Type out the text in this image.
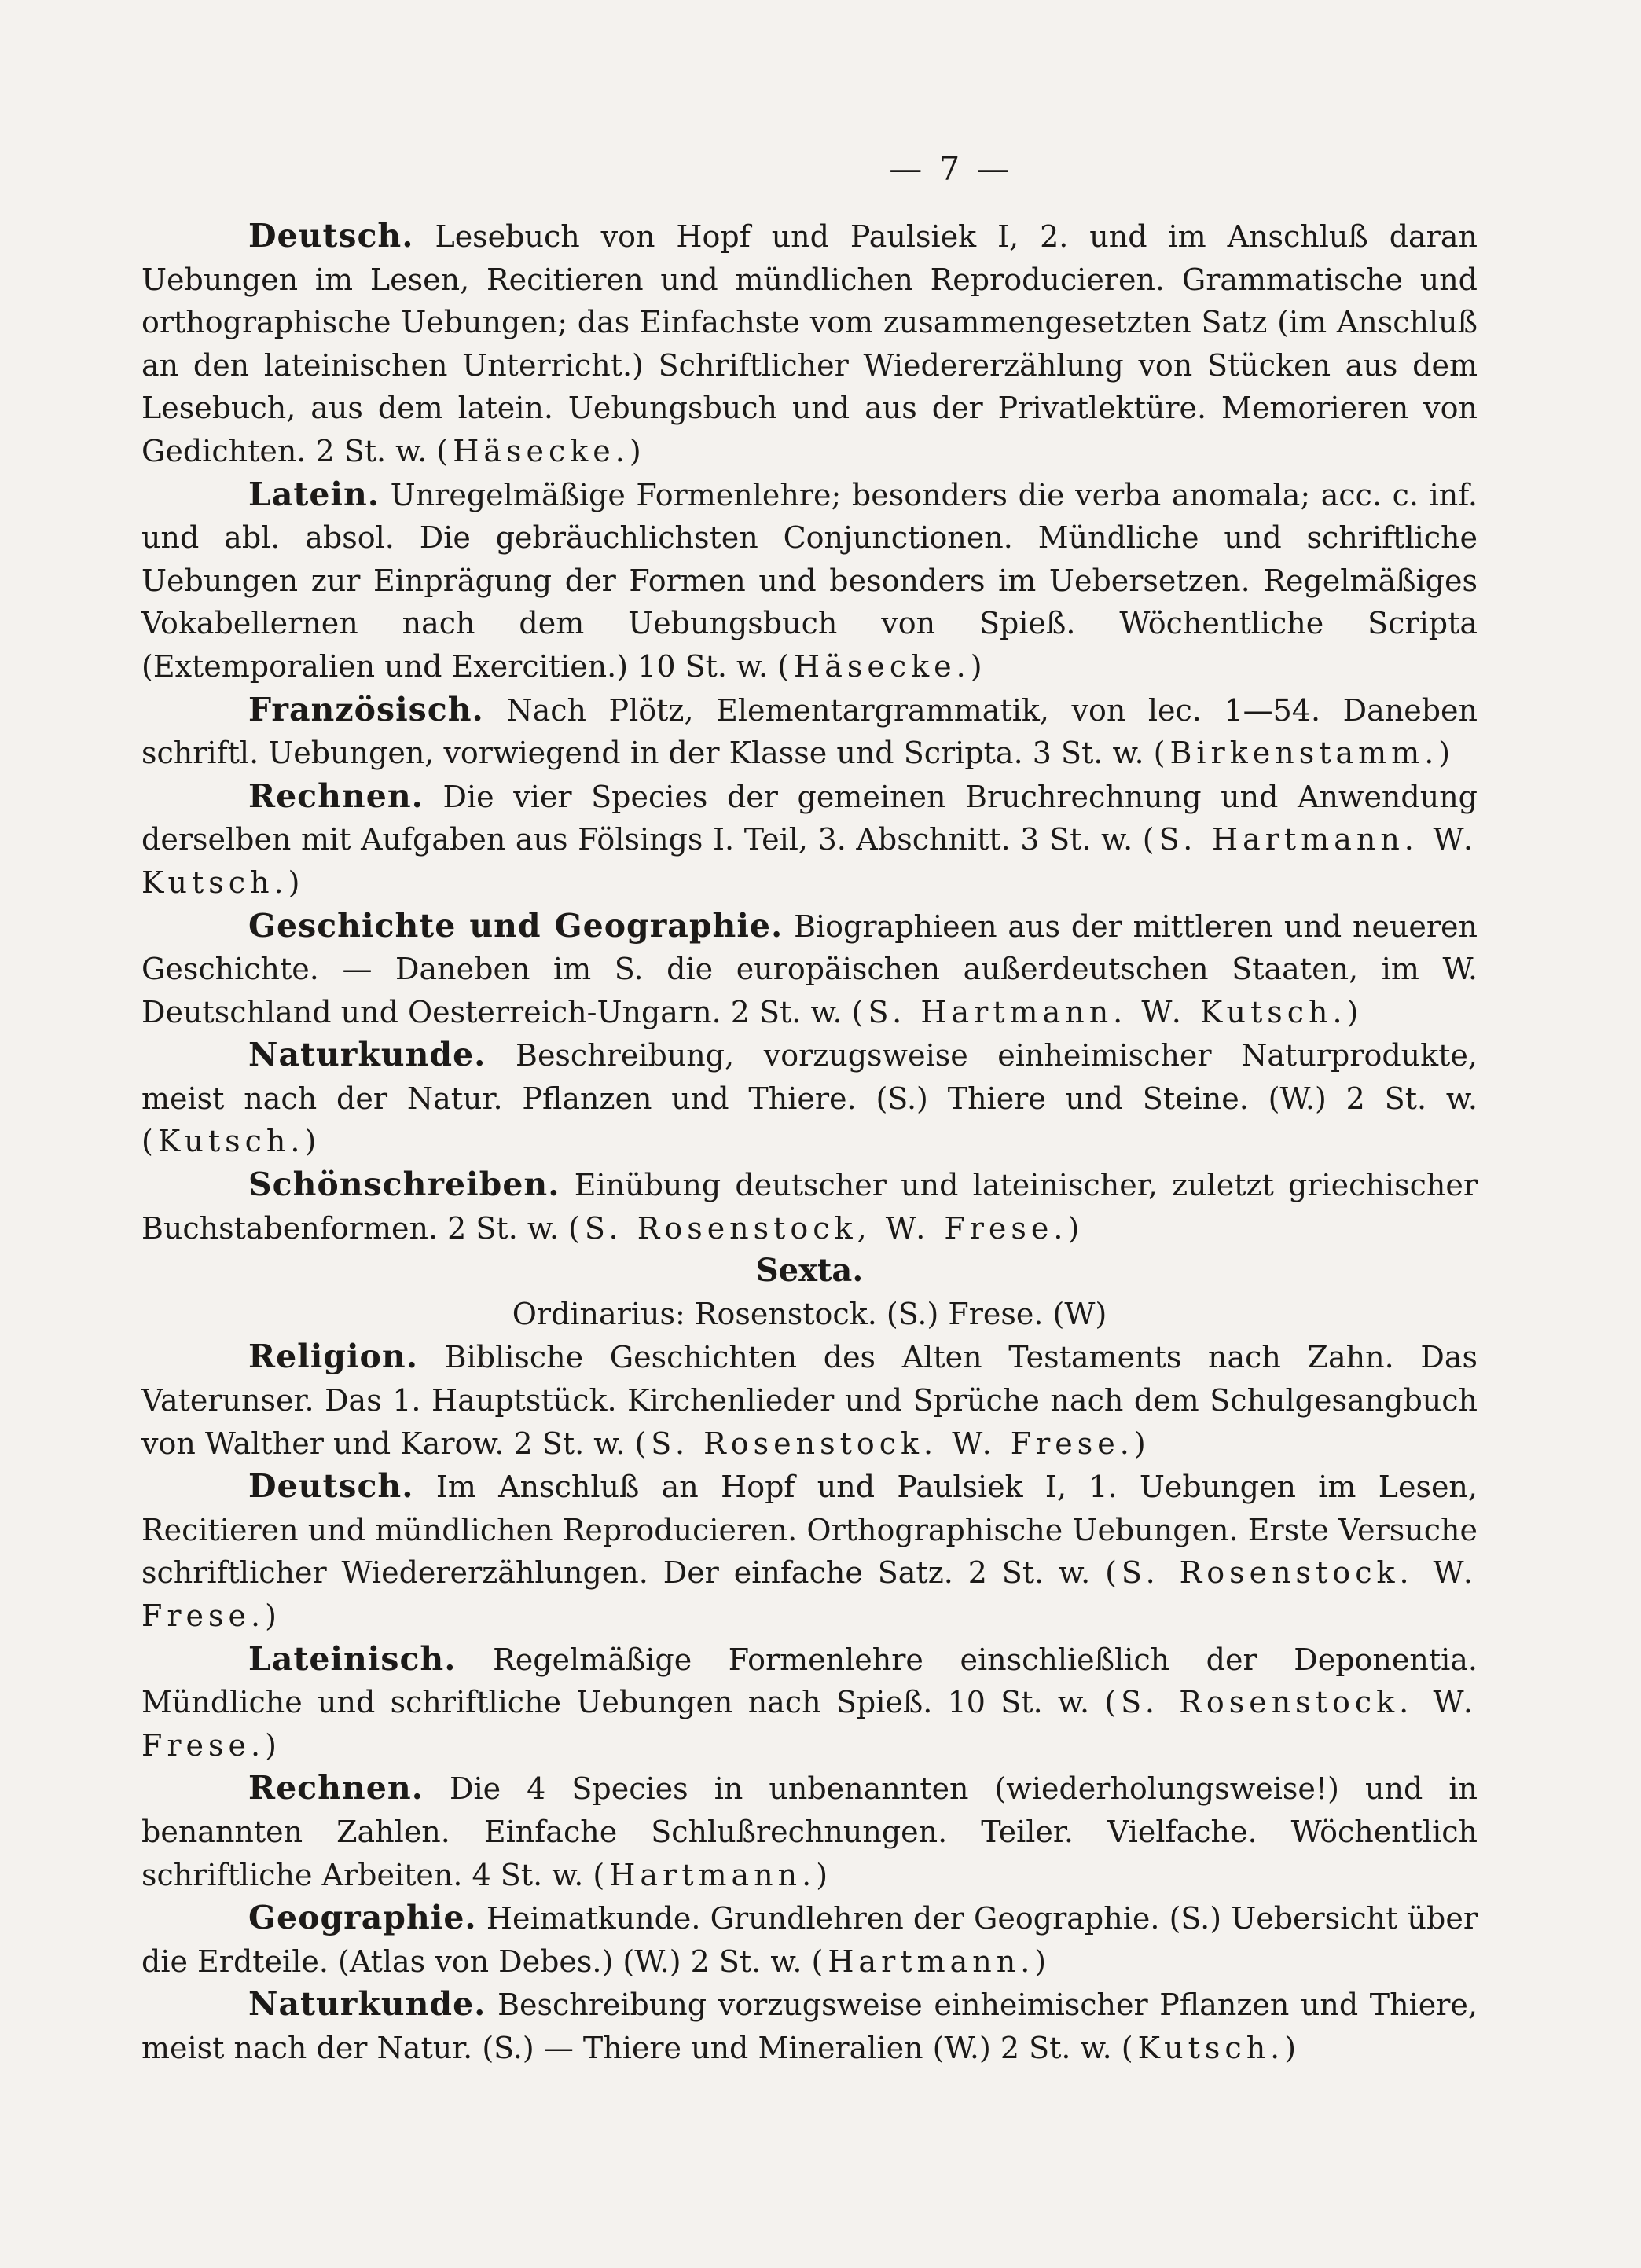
— 7 —

Deutsch. Lesebuch von Hopf und Paulsiek I, 2. und im Anschluß daran Uebungen im Lesen, Recitieren und mündlichen Reproducieren. Grammatische und orthographische Uebungen; das Einfachste vom zusammengesetzten Satz (im Anschluß an den lateinischen Unterricht.) Schriftlicher Wiedererzählung von Stücken aus dem Lesebuch, aus dem latein. Uebungsbuch und aus der Privatlektüre. Memorieren von Gedichten. 2 St. w. (Häsecke.)

Latein. Unregelmäßige Formenlehre; besonders die verba anomala; acc. c. inf. und abl. absol. Die gebräuchlichsten Conjunctionen. Mündliche und schriftliche Uebungen zur Einprägung der Formen und besonders im Uebersetzen. Regelmäßiges Vokabellernen nach dem Uebungsbuch von Spieß. Wöchentliche Scripta (Extemporalien und Exercitien.) 10 St. w. (Häsecke.)

Französisch. Nach Plötz, Elementargrammatik, von lec. 1—54. Daneben schriftl. Uebungen, vorwiegend in der Klasse und Scripta. 3 St. w. (Birkenstamm.)

Rechnen. Die vier Species der gemeinen Bruchrechnung und Anwendung derselben mit Aufgaben aus Fölsings I. Teil, 3. Abschnitt. 3 St. w. (S. Hartmann. W. Kutsch.)

Geschichte und Geographie. Biographieen aus der mittleren und neueren Geschichte. — Daneben im S. die europäischen außerdeutschen Staaten, im W. Deutschland und Oesterreich-Ungarn. 2 St. w. (S. Hartmann. W. Kutsch.)

Naturkunde. Beschreibung, vorzugsweise einheimischer Naturprodukte, meist nach der Natur. Pflanzen und Thiere. (S.) Thiere und Steine. (W.) 2 St. w. (Kutsch.)

Schönschreiben. Einübung deutscher und lateinischer, zuletzt griechischer Buchstabenformen. 2 St. w. (S. Rosenstock, W. Frese.)

Sexta.

Ordinarius: Rosenstock. (S.) Frese. (W)

Religion. Biblische Geschichten des Alten Testaments nach Zahn. Das Vaterunser. Das 1. Hauptstück. Kirchenlieder und Sprüche nach dem Schulgesangbuch von Walther und Karow. 2 St. w. (S. Rosenstock. W. Frese.)

Deutsch. Im Anschluß an Hopf und Paulsiek I, 1. Uebungen im Lesen, Recitieren und mündlichen Reproducieren. Orthographische Uebungen. Erste Versuche schriftlicher Wiedererzählungen. Der einfache Satz. 2 St. w. (S. Rosenstock. W. Frese.)

Lateinisch. Regelmäßige Formenlehre einschließlich der Deponentia. Mündliche und schriftliche Uebungen nach Spieß. 10 St. w. (S. Rosenstock. W. Frese.)

Rechnen. Die 4 Species in unbenannten (wiederholungsweise!) und in benannten Zahlen. Einfache Schlußrechnungen. Teiler. Vielfache. Wöchentlich schriftliche Arbeiten. 4 St. w. (Hartmann.)

Geographie. Heimatkunde. Grundlehren der Geographie. (S.) Uebersicht über die Erdteile. (Atlas von Debes.) (W.) 2 St. w. (Hartmann.)

Naturkunde. Beschreibung vorzugsweise einheimischer Pflanzen und Thiere, meist nach der Natur. (S.) — Thiere und Mineralien (W.) 2 St. w. (Kutsch.)
